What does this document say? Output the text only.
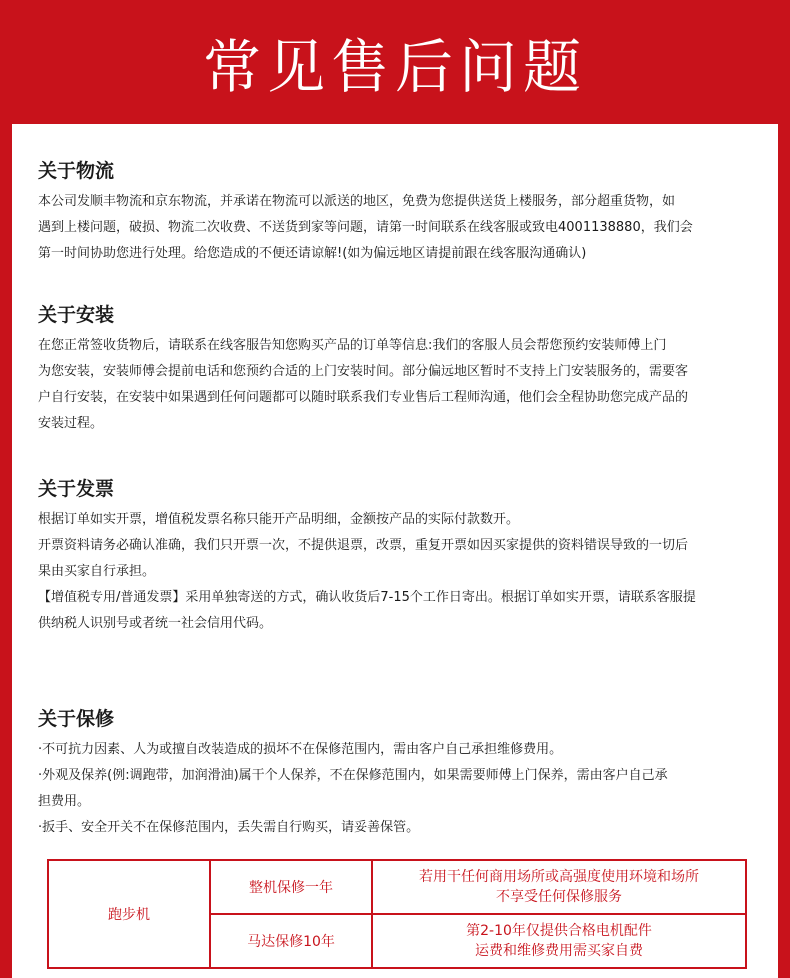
常见售后问题
关于物流

本公司发顺丰物流和京东物流，并承诺在物流可以派送的地区，免费为您提供送货上楼服务，部分超重货物，如

遇到上楼问题，破损、物流二次收费、不送货到家等问题，请第一时间联系在线客服或致电4001138880，我们会

第一时间协助您进行处理。给您造成的不便还请谅解!(如为偏远地区请提前跟在线客服沟通确认)

关于安装

在您正常签收货物后，请联系在线客服告知您购买产品的订单等信息:我们的客服人员会帮您预约安装师傅上门

为您安装，安装师傅会提前电话和您预约合适的上门安装时间。部分偏远地区暂时不支持上门安装服务的，需要客

户自行安装，在安装中如果遇到任何问题都可以随时联系我们专业售后工程师沟通，他们会全程协助您完成产品的

安装过程。

关于发票

根据订单如实开票，增值税发票名称只能开产品明细，金额按产品的实际付款数开。

开票资料请务必确认准确，我们只开票一次，不提供退票，改票，重复开票如因买家提供的资料错误导致的一切后

果由买家自行承担。

【增值税专用/普通发票】采用单独寄送的方式，确认收货后7-15个工作日寄出。根据订单如实开票，请联系客服提

供纳税人识别号或者统一社会信用代码。

关于保修

·不可抗力因素、人为或擅自改装造成的损坏不在保修范围内，需由客户自己承担维修费用。

·外观及保养(例:调跑带，加润滑油)属干个人保养，不在保修范围内，如果需要师傅上门保养，需由客户自己承

担费用。

·扳手、安全开关不在保修范围内，丢失需自行购买，请妥善保管。

跑步机	整机保修一年	若用干任何商用场所或高强度使用环境和场所
不享受任何保修服务

	马达保修10年	第2-10年仅提供合格电机配件
运费和维修费用需买家自费
